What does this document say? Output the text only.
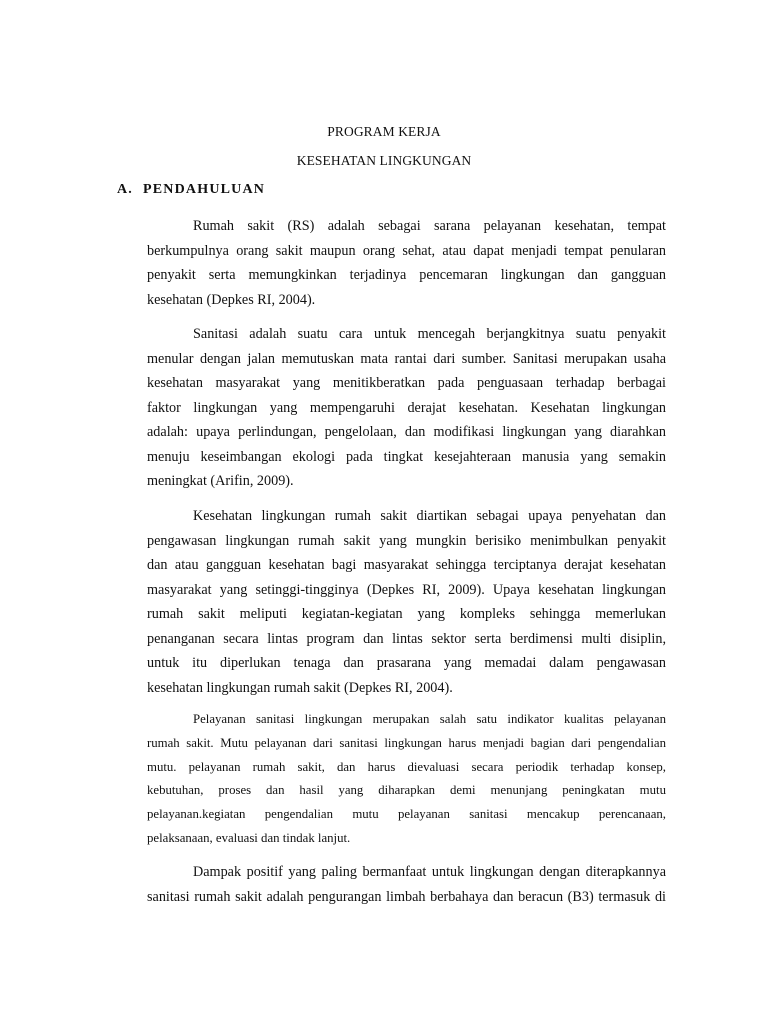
PROGRAM KERJA
KESEHATAN LINGKUNGAN
A. PENDAHULUAN
Rumah sakit (RS) adalah sebagai sarana pelayanan kesehatan, tempat
berkumpulnya orang sakit maupun orang sehat, atau dapat menjadi tempat penularan
penyakit serta memungkinkan terjadinya pencemaran lingkungan dan gangguan
kesehatan (Depkes RI, 2004).
Sanitasi adalah suatu cara untuk mencegah berjangkitnya suatu penyakit
menular dengan jalan memutuskan mata rantai dari sumber. Sanitasi merupakan usaha
kesehatan masyarakat yang menitikberatkan pada penguasaan terhadap berbagai
faktor lingkungan yang mempengaruhi derajat kesehatan. Kesehatan lingkungan
adalah: upaya perlindungan, pengelolaan, dan modifikasi lingkungan yang diarahkan
menuju keseimbangan ekologi pada tingkat kesejahteraan manusia yang semakin
meningkat (Arifin, 2009).
Kesehatan lingkungan rumah sakit diartikan sebagai upaya penyehatan dan
pengawasan lingkungan rumah sakit yang mungkin berisiko menimbulkan penyakit
dan atau gangguan kesehatan bagi masyarakat sehingga terciptanya derajat kesehatan
masyarakat yang setinggi-tingginya (Depkes RI, 2009). Upaya kesehatan lingkungan
rumah sakit meliputi kegiatan-kegiatan yang kompleks sehingga memerlukan
penanganan secara lintas program dan lintas sektor serta berdimensi multi disiplin,
untuk itu diperlukan tenaga dan prasarana yang memadai dalam pengawasan
kesehatan lingkungan rumah sakit (Depkes RI, 2004).
Pelayanan sanitasi lingkungan merupakan salah satu indikator kualitas pelayanan
rumah sakit. Mutu pelayanan dari sanitasi lingkungan harus menjadi bagian dari pengendalian
mutu. pelayanan rumah sakit, dan harus dievaluasi secara periodik terhadap konsep,
kebutuhan, proses dan hasil yang diharapkan demi menunjang peningkatan mutu
pelayanan.kegiatan pengendalian mutu pelayanan sanitasi mencakup perencanaan,
pelaksanaan, evaluasi dan tindak lanjut.
Dampak positif yang paling bermanfaat untuk lingkungan dengan diterapkannya
sanitasi rumah sakit adalah pengurangan limbah berbahaya dan beracun (B3) termasuk di
